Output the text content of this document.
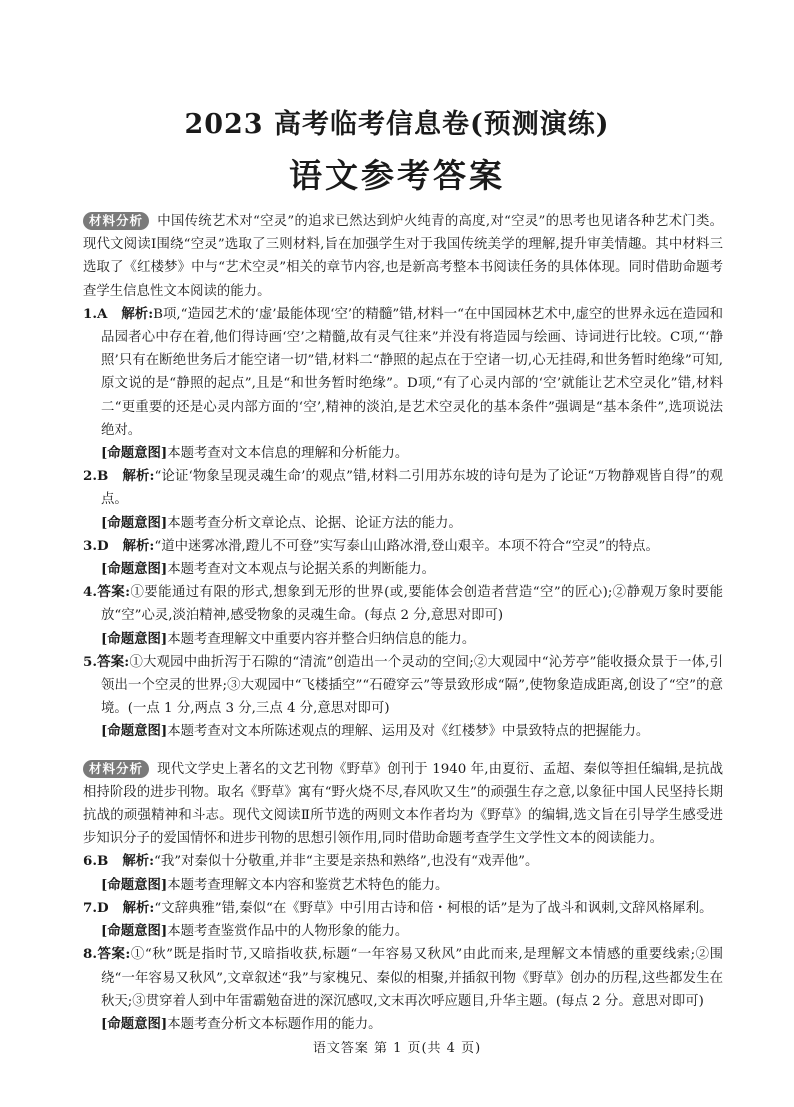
2023 高考临考信息卷(预测演练)
语文参考答案

材料分析 中国传统艺术对“空灵”的追求已然达到炉火纯青的高度,对“空灵”的思考也见诸各种艺术门类。现代文阅读Ⅰ围绕“空灵”选取了三则材料,旨在加强学生对于我国传统美学的理解,提升审美情趣。其中材料三选取了《红楼梦》中与“艺术空灵”相关的章节内容,也是新高考整本书阅读任务的具体体现。同时借助命题考查学生信息性文本阅读的能力。

1.A 解析:B项,“造园艺术的‘虚’最能体现‘空’的精髓”错,材料一“在中国园林艺术中,虚空的世界永远在造园和品园者心中存在着,他们得诗画‘空’之精髓,故有灵气往来”并没有将造园与绘画、诗词进行比较。C项,“‘静照’只有在断绝世务后才能空诸一切”错,材料二“静照的起点在于空诸一切,心无挂碍,和世务暂时绝缘”可知,原文说的是“静照的起点”,且是“和世务暂时绝缘”。D项,“有了心灵内部的‘空’就能让艺术空灵化”错,材料二“更重要的还是心灵内部方面的‘空’,精神的淡泊,是艺术空灵化的基本条件”强调是“基本条件”,选项说法绝对。

[命题意图]本题考查对文本信息的理解和分析能力。

2.B 解析:“论证‘物象呈现灵魂生命’的观点”错,材料二引用苏东坡的诗句是为了论证“万物静观皆自得”的观点。

[命题意图]本题考查分析文章论点、论据、论证方法的能力。

3.D 解析:“道中迷雾冰滑,蹬儿不可登”实写泰山山路冰滑,登山艰辛。本项不符合“空灵”的特点。

[命题意图]本题考查对文本观点与论据关系的判断能力。

4.答案:①要能通过有限的形式,想象到无形的世界(或,要能体会创造者营造“空”的匠心);②静观万象时要能放“空”心灵,淡泊精神,感受物象的灵魂生命。(每点 2 分,意思对即可)

[命题意图]本题考查理解文中重要内容并整合归纳信息的能力。

5.答案:①大观园中曲折泻于石隙的“清流”创造出一个灵动的空间;②大观园中“沁芳亭”能收摄众景于一体,引领出一个空灵的世界;③大观园中“飞楼插空”“石磴穿云”等景致形成“隔”,使物象造成距离,创设了“空”的意境。(一点 1 分,两点 3 分,三点 4 分,意思对即可)

[命题意图]本题考查对文本所陈述观点的理解、运用及对《红楼梦》中景致特点的把握能力。

材料分析 现代文学史上著名的文艺刊物《野草》创刊于 1940 年,由夏衍、孟超、秦似等担任编辑,是抗战相持阶段的进步刊物。取名《野草》寓有“野火烧不尽,春风吹又生”的顽强生存之意,以象征中国人民坚持长期抗战的顽强精神和斗志。现代文阅读Ⅱ所节选的两则文本作者均为《野草》的编辑,选文旨在引导学生感受进步知识分子的爱国情怀和进步刊物的思想引领作用,同时借助命题考查学生文学性文本的阅读能力。

6.B 解析:“我”对秦似十分敬重,并非“主要是亲热和熟络”,也没有“戏弄他”。

[命题意图]本题考查理解文本内容和鉴赏艺术特色的能力。

7.D 解析:“文辞典雅”错,秦似“在《野草》中引用古诗和倍・柯根的话”是为了战斗和讽刺,文辞风格犀利。

[命题意图]本题考查鉴赏作品中的人物形象的能力。

8.答案:①“秋”既是指时节,又暗指收获,标题“一年容易又秋风”由此而来,是理解文本情感的重要线索;②围绕“一年容易又秋风”,文章叙述“我”与家槐兄、秦似的相聚,并插叙刊物《野草》创办的历程,这些都发生在秋天;③贯穿着人到中年雷霸勉奋进的深沉感叹,文末再次呼应题目,升华主题。(每点 2 分。意思对即可)

[命题意图]本题考查分析文本标题作用的能力。

语文答案 第 1 页(共 4 页)
